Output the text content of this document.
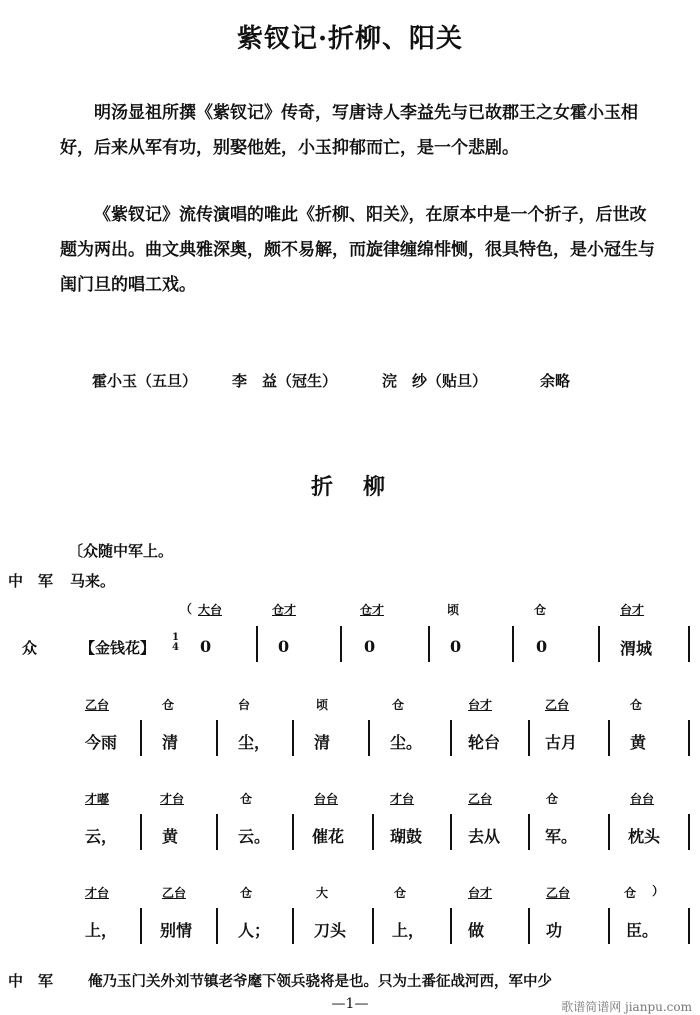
紫钗记·折柳、阳关
明汤显祖所撰《紫钗记》传奇，写唐诗人李益先与已故郡王之女霍小玉相好，后来从军有功，别娶他姓，小玉抑郁而亡，是一个悲剧。
《紫钗记》流传演唱的唯此《折柳、阳关》，在原本中是一个折子，后世改题为两出。曲文典雅深奥，颇不易解，而旋律缠绵悱恻，很具特色，是小冠生与闺门旦的唱工戏。
霍小玉（五旦） 李　益（冠生）	浣　纱（贴旦）	余略
折　柳
〔众随中军上。
中　军 马来。
（ 大台	仓才	仓才	顷	仓	台才
众	【金钱花】
1
4 0	0	0	0	0	渭城
乙台	仓	台	顷	仓	台才	乙台	仓
今雨	清	尘，	清	尘。	轮台	古月	黄
才嘟	才台	仓	台台	才台	乙台	仓	台台
云，	黄	云。	催花	瑚鼓	去从	军。	枕头
才台	乙台	仓	大	仓	台才	乙台	仓 ）
上，	别情	人；	刀头	上，	做	功	臣。
中　军 俺乃玉门关外刘节镇老爷麾下领兵骁将是也。只为土番征战河西，军中少
—1—	歌谱简谱网 jianpu.com
